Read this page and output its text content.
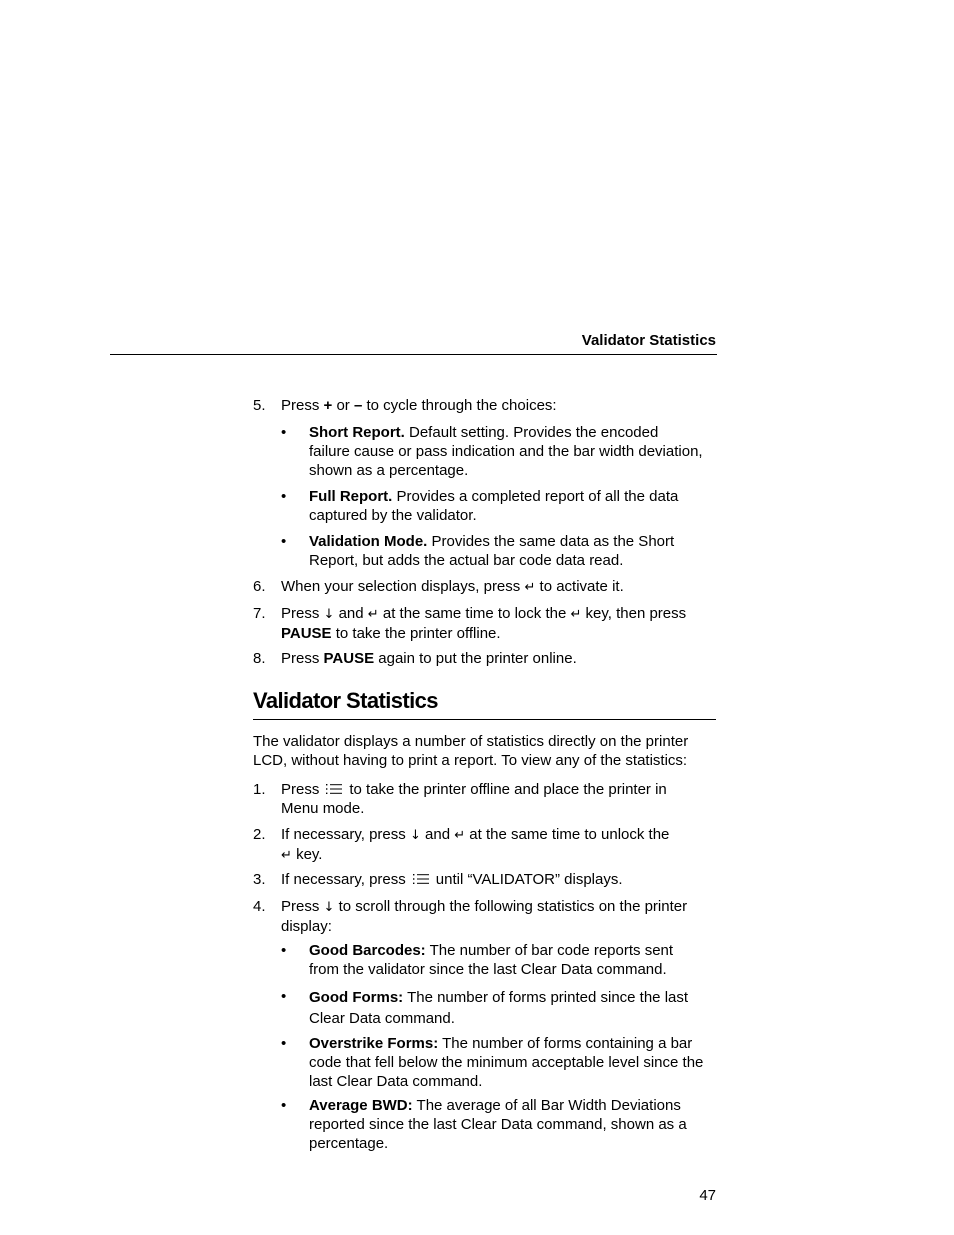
Validator Statistics
5. Press + or – to cycle through the choices:
• Short Report. Default setting. Provides the encoded
failure cause or pass indication and the bar width deviation,
shown as a percentage.
• Full Report. Provides a completed report of all the data
captured by the validator.
• Validation Mode. Provides the same data as the Short
Report, but adds the actual bar code data read.
6. When your selection displays, press ↵ to activate it.
7. Press ↓ and ↵ at the same time to lock the ↵ key, then press
PAUSE to take the printer offline.
8. Press PAUSE again to put the printer online.
Validator Statistics
The validator displays a number of statistics directly on the printer
LCD, without having to print a report. To view any of the statistics:
1. Press to take the printer offline and place the printer in
Menu mode.
2. If necessary, press ↓ and ↵ at the same time to unlock the
↵ key.
3. If necessary, press until “VALIDATOR” displays.
4. Press ↓ to scroll through the following statistics on the printer
display:
• Good Barcodes: The number of bar code reports sent
from the validator since the last Clear Data command.
• Good Forms: The number of forms printed since the last
Clear Data command.
• Overstrike Forms: The number of forms containing a bar
code that fell below the minimum acceptable level since the
last Clear Data command.
• Average BWD: The average of all Bar Width Deviations
reported since the last Clear Data command, shown as a
percentage.
47
